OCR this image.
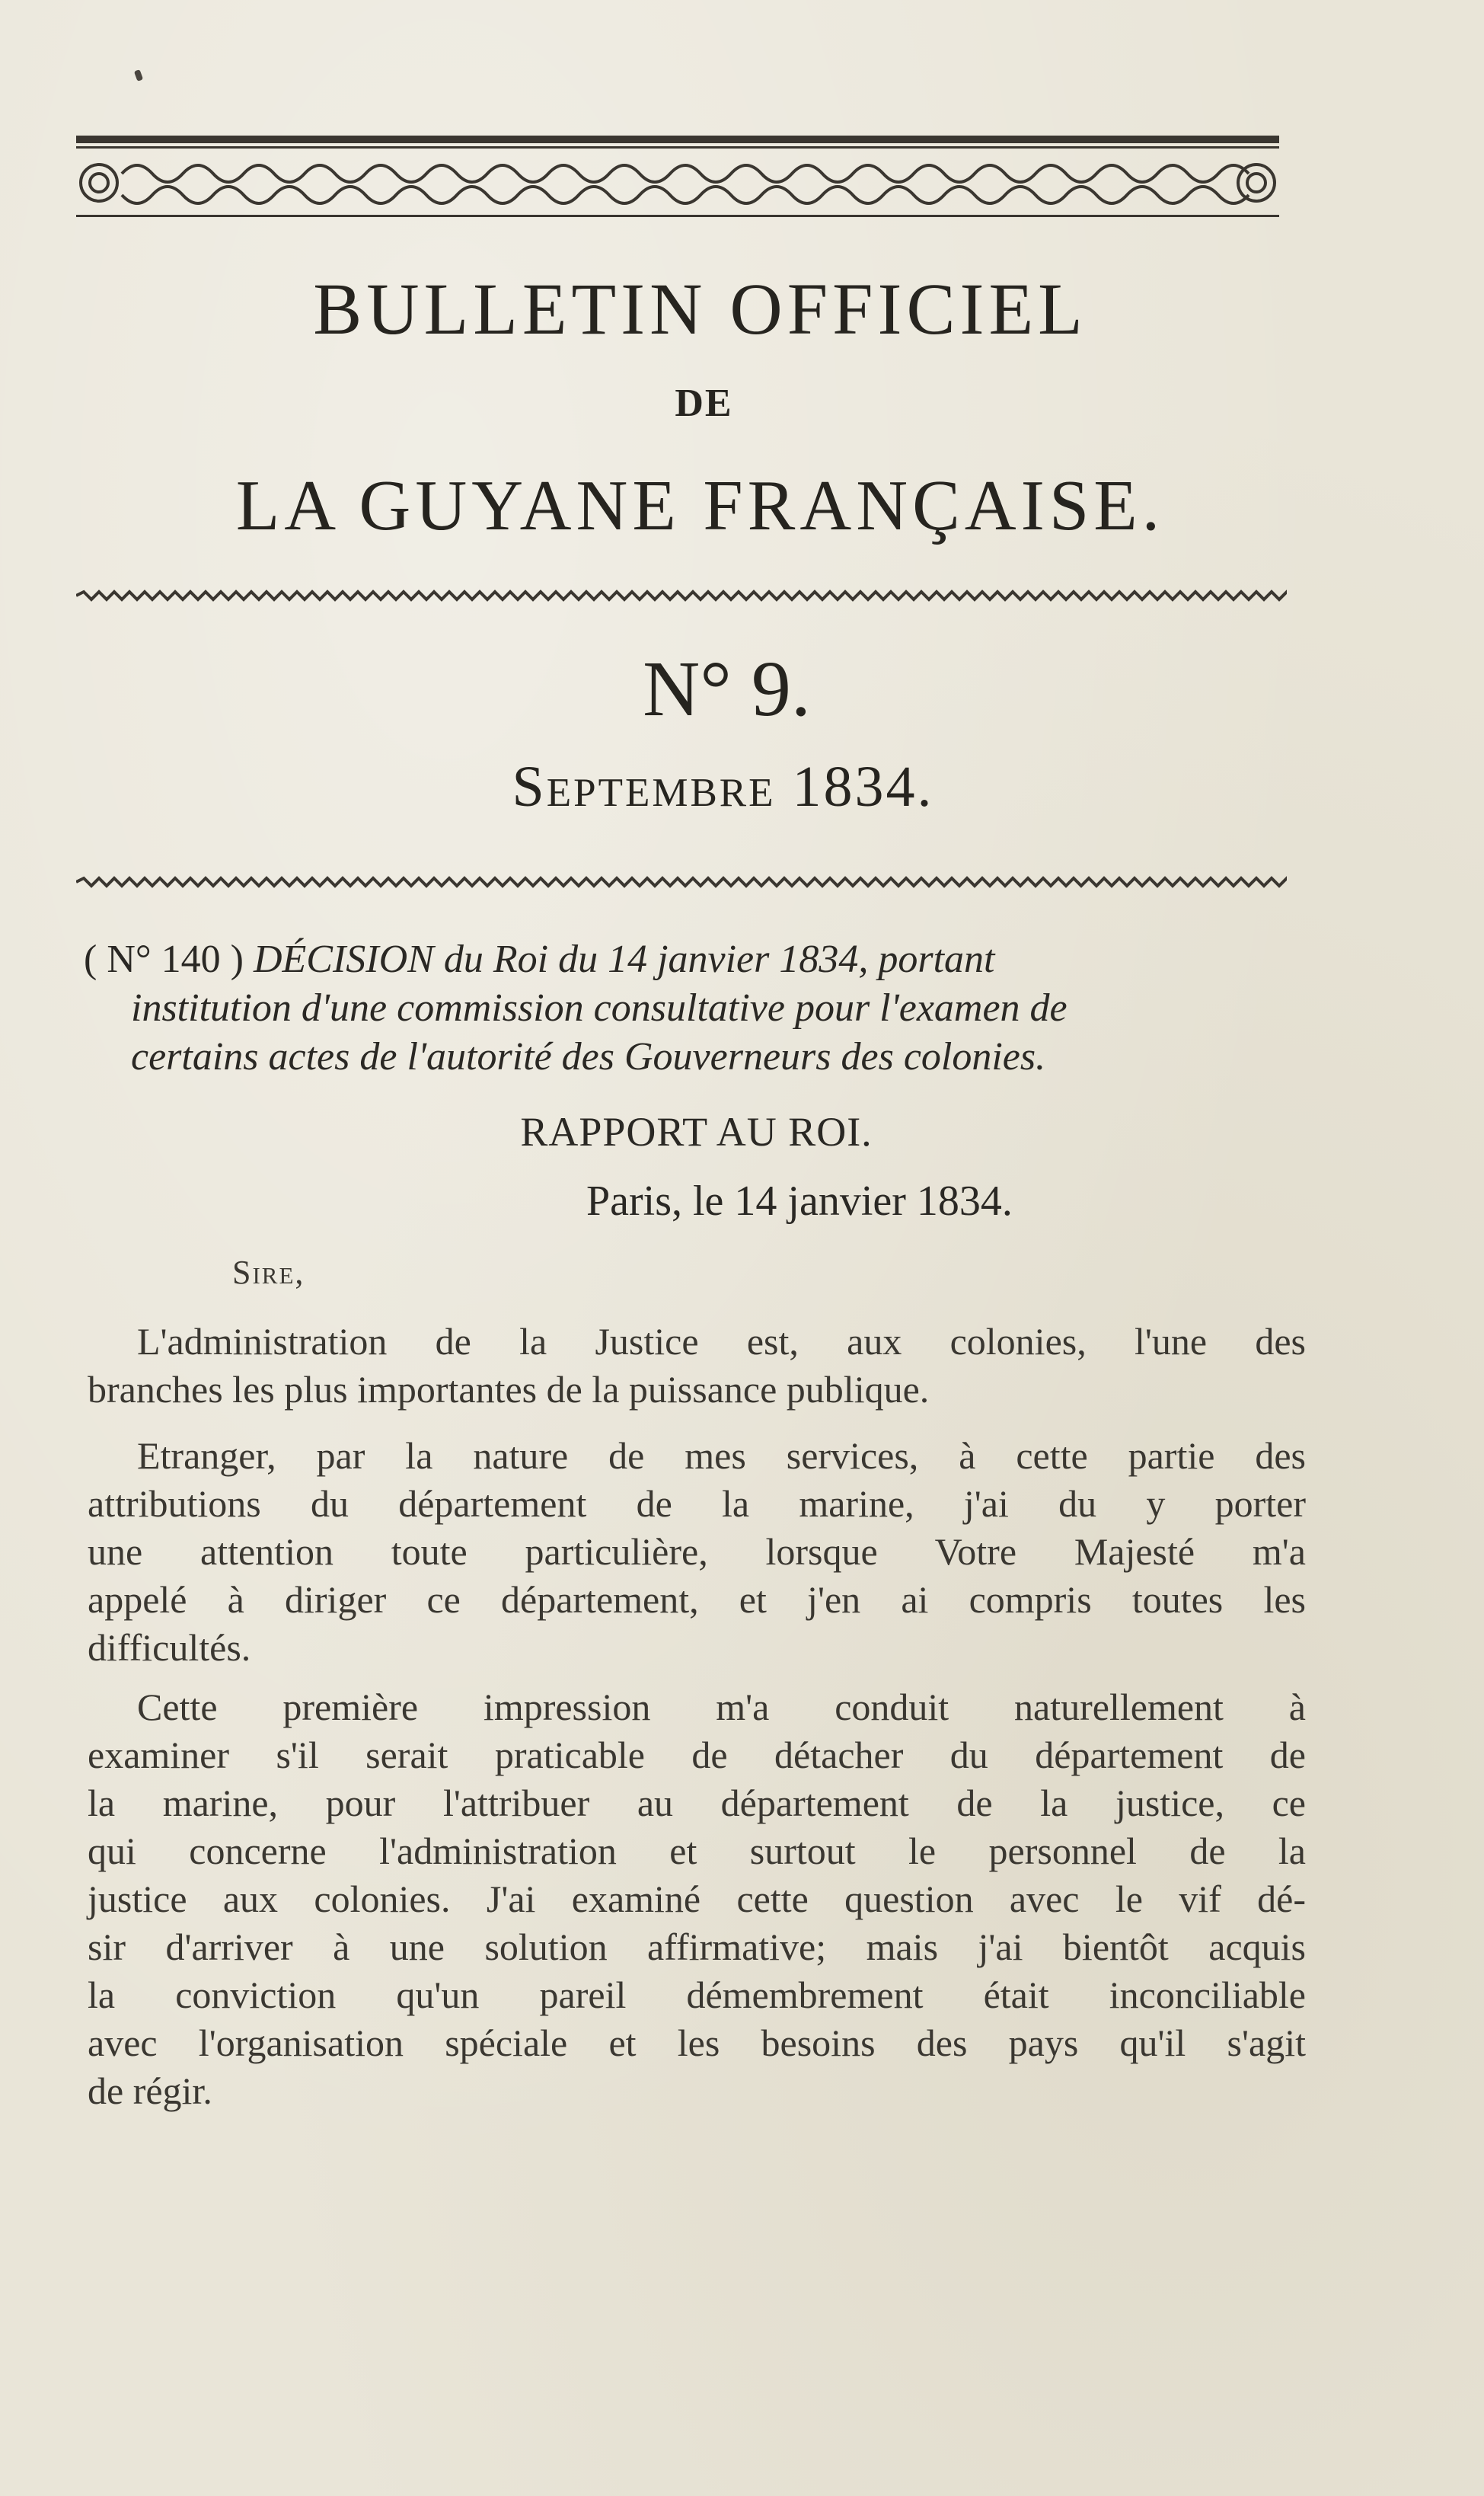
BULLETIN OFFICIEL
DE
LA GUYANE FRANÇAISE.
N° 9.
Septembre 1834.
( N° 140 ) DÉCISION du Roi du 14 janvier 1834, portant
institution d'une commission consultative pour l'examen de
certains actes de l'autorité des Gouverneurs des colonies.
RAPPORT AU ROI.
Paris, le 14 janvier 1834.
Sire,
L'administration de la Justice est, aux colonies, l'une des
branches les plus importantes de la puissance publique.
Etranger, par la nature de mes services, à cette partie des
attributions du département de la marine, j'ai du y porter
une attention toute particulière, lorsque Votre Majesté m'a
appelé à diriger ce département, et j'en ai compris toutes les
difficultés.
Cette première impression m'a conduit naturellement à
examiner s'il serait praticable de détacher du département de
la marine, pour l'attribuer au département de la justice, ce
qui concerne l'administration et surtout le personnel de la
justice aux colonies. J'ai examiné cette question avec le vif dé-
sir d'arriver à une solution affirmative; mais j'ai bientôt acquis
la conviction qu'un pareil démembrement était inconciliable
avec l'organisation spéciale et les besoins des pays qu'il s'agit
de régir.
